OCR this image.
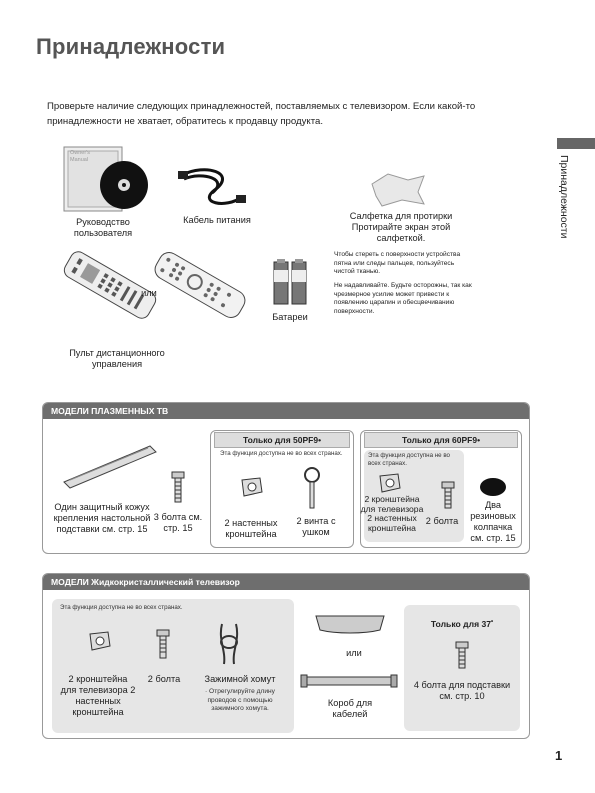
Принадлежности
Проверьте наличие следующих принадлежностей, поставляемых с телевизором. Если какой-то принадлежности не хватает, обратитесь к продавцу продукта.
Принадлежности
Owner's Manual
Руководство пользователя
Кабель питания	Салфетка для протирки Протирайте экран этой салфеткой.
Чтобы стереть с поверхности устройства пятна или следы пальцев, пользуйтесь чистой тканью.
Не надавливайте. Будьте осторожны, так как чрезмерное усилие может привести к появлению царапин и обесцвечиванию поверхности.
или
Пульт дистанционного управления
Батареи
МОДЕЛИ ПЛАЗМЕННЫХ ТВ
Один защитный кожух крепления настольной подставки см. стр. 15
3 болта см. стр. 15
Только для 50PF9•
Эта функция доступна не во всех странах.
2 настенных кронштейна
2 винта с ушком
Только для 60PF9•
Эта функция доступна не во всех странах.
2 кронштейна для телевизора 2 настенных кронштейна
2 болта
Два резиновых колпачка см. стр. 15
МОДЕЛИ Жидкокристаллический телевизор
Эта функция доступна не во всех странах.
2 кронштейна для телевизора 2 настенных кронштейна
2 болта	Зажимной хомут
· Отрегулируйте длину проводов с помощью зажимного хомута.
или
Короб для кабелей
Только для 37•
4 болта для подставки см. стр. 10
1
